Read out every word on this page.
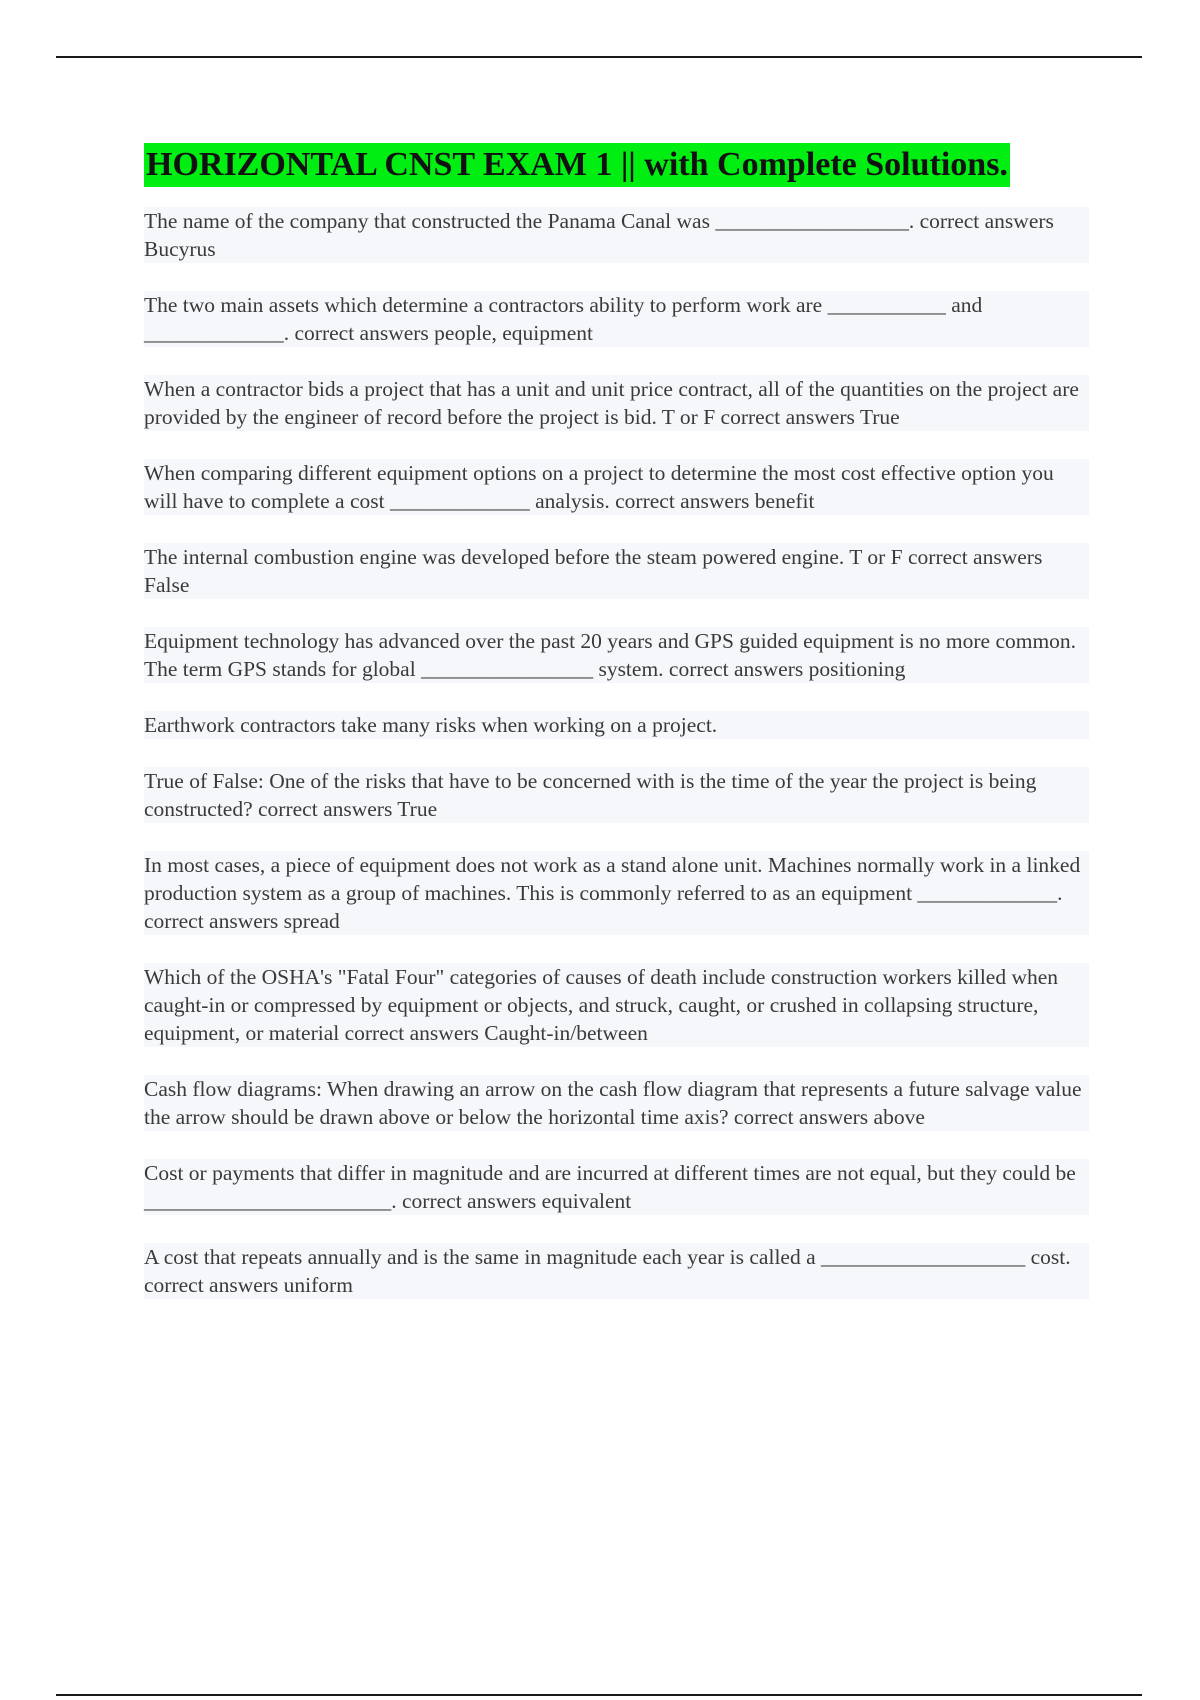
HORIZONTAL CNST EXAM 1 || with Complete Solutions.

The name of the company that constructed the Panama Canal was __________________. correct answers Bucyrus

The two main assets which determine a contractors ability to perform work are ___________ and _____________. correct answers people, equipment

When a contractor bids a project that has a unit and unit price contract, all of the quantities on the project are provided by the engineer of record before the project is bid. T or F correct answers True

When comparing different equipment options on a project to determine the most cost effective option you will have to complete a cost _____________ analysis. correct answers benefit

The internal combustion engine was developed before the steam powered engine. T or F correct answers False

Equipment technology has advanced over the past 20 years and GPS guided equipment is no more common. The term GPS stands for global ________________ system. correct answers positioning

Earthwork contractors take many risks when working on a project.

True of False: One of the risks that have to be concerned with is the time of the year the project is being constructed? correct answers True

In most cases, a piece of equipment does not work as a stand alone unit. Machines normally work in a linked production system as a group of machines. This is commonly referred to as an equipment _____________. correct answers spread

Which of the OSHA's "Fatal Four" categories of causes of death include construction workers killed when caught-in or compressed by equipment or objects, and struck, caught, or crushed in collapsing structure, equipment, or material correct answers Caught-in/between

Cash flow diagrams: When drawing an arrow on the cash flow diagram that represents a future salvage value the arrow should be drawn above or below the horizontal time axis? correct answers above

Cost or payments that differ in magnitude and are incurred at different times are not equal, but they could be _______________________. correct answers equivalent

A cost that repeats annually and is the same in magnitude each year is called a ___________________ cost. correct answers uniform
